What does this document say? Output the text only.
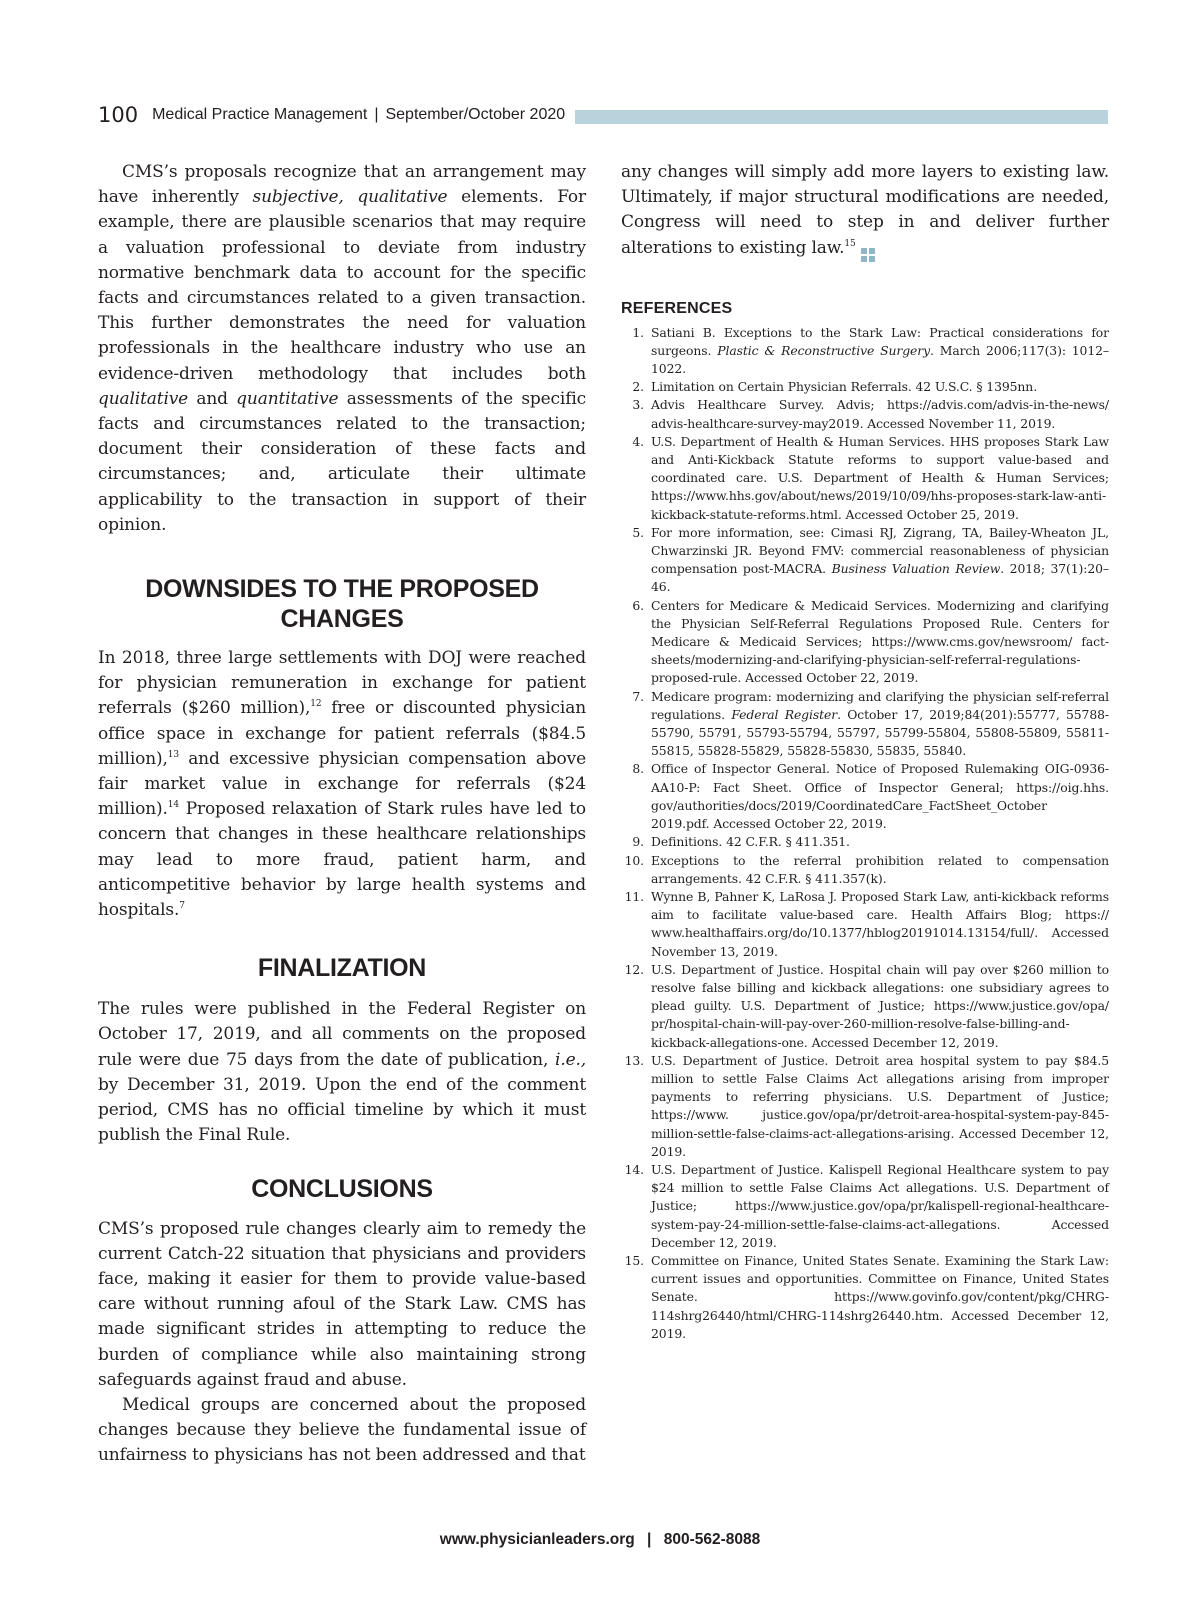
100 Medical Practice Management | September/October 2020

CMS’s proposals recognize that an arrangement may have inherently subjective, qualitative elements. For example, there are plausible scenarios that may require a valuation professional to deviate from industry normative benchmark data to account for the specific facts and circumstances related to a given transaction. This further demonstrates the need for valuation professionals in the healthcare industry who use an evidence-driven methodology that includes both qualitative and quantitative assessments of the specific facts and circumstances related to the transaction; document their consideration of these facts and circumstances; and, articulate their ultimate applicability to the transaction in support of their opinion.

DOWNSIDES TO THE PROPOSED CHANGES

In 2018, three large settlements with DOJ were reached for physician remuneration in exchange for patient referrals ($260 million),$^{12}$ free or discounted physician office space in exchange for patient referrals ($84.5 million),$^{13}$ and excessive physician compensation above fair market value in exchange for referrals ($24 million).$^{14}$ Proposed relaxation of Stark rules have led to concern that changes in these healthcare relationships may lead to more fraud, patient harm, and anticompetitive behavior by large health systems and hospitals.$^7$

FINALIZATION

The rules were published in the Federal Register on October 17, 2019, and all comments on the proposed rule were due 75 days from the date of publication, i.e., by December 31, 2019. Upon the end of the comment period, CMS has no official timeline by which it must publish the Final Rule.

CONCLUSIONS

CMS’s proposed rule changes clearly aim to remedy the current Catch-22 situation that physicians and providers face, making it easier for them to provide value-based care without running afoul of the Stark Law. CMS has made significant strides in attempting to reduce the burden of compliance while also maintaining strong safeguards against fraud and abuse.

Medical groups are concerned about the proposed changes because they believe the fundamental issue of unfairness to physicians has not been addressed and that

any changes will simply add more layers to existing law. Ultimately, if major structural modifications are needed, Congress will need to step in and deliver further alterations to existing law.$^{15}$

REFERENCES
1. Satiani B. Exceptions to the Stark Law: Practical considerations for surgeons. Plastic & Reconstructive Surgery. March 2006;117(3): 1012–1022.
2. Limitation on Certain Physician Referrals. 42 U.S.C. § 1395nn.
3. Advis Healthcare Survey. Advis; https://advis.com/advis-in-the-news/ advis-healthcare-survey-may2019. Accessed November 11, 2019.
4. U.S. Department of Health & Human Services. HHS proposes Stark Law and Anti-Kickback Statute reforms to support value-based and coordinated care. U.S. Department of Health & Human Services; https://www.hhs.gov/about/news/2019/10/09/hhs-proposes-stark-law-anti-kickback-statute-reforms.html. Accessed October 25, 2019.
5. For more information, see: Cimasi RJ, Zigrang, TA, Bailey-Wheaton JL, Chwarzinski JR. Beyond FMV: commercial reasonableness of physician compensation post-MACRA. Business Valuation Review. 2018; 37(1):20–46.
6. Centers for Medicare & Medicaid Services. Modernizing and clarifying the Physician Self-Referral Regulations Proposed Rule. Centers for Medicare & Medicaid Services; https://www.cms.gov/newsroom/ fact-sheets/modernizing-and-clarifying-physician-self-referral-regulations-proposed-rule. Accessed October 22, 2019.
7. Medicare program: modernizing and clarifying the physician self-referral regulations. Federal Register. October 17, 2019;84(201):55777, 55788- 55790, 55791, 55793-55794, 55797, 55799-55804, 55808-55809, 55811- 55815, 55828-55829, 55828-55830, 55835, 55840.
8. Office of Inspector General. Notice of Proposed Rulemaking OIG-0936- AA10-P: Fact Sheet. Office of Inspector General; https://oig.hhs. gov/authorities/docs/2019/CoordinatedCare_FactSheet_October 2019.pdf. Accessed October 22, 2019.
9. Definitions. 42 C.F.R. § 411.351.
10. Exceptions to the referral prohibition related to compensation arrangements. 42 C.F.R. § 411.357(k).
11. Wynne B, Pahner K, LaRosa J. Proposed Stark Law, anti-kickback reforms aim to facilitate value-based care. Health Affairs Blog; https:// www.healthaffairs.org/do/10.1377/hblog20191014.13154/full/. Accessed November 13, 2019.
12. U.S. Department of Justice. Hospital chain will pay over $260 million to resolve false billing and kickback allegations: one subsidiary agrees to plead guilty. U.S. Department of Justice; https://www.justice.gov/opa/ pr/hospital-chain-will-pay-over-260-million-resolve-false-billing-and-kickback-allegations-one. Accessed December 12, 2019.
13. U.S. Department of Justice. Detroit area hospital system to pay $84.5 million to settle False Claims Act allegations arising from improper payments to referring physicians. U.S. Department of Justice; https://www. justice.gov/opa/pr/detroit-area-hospital-system-pay-845-million-settle-false-claims-act-allegations-arising. Accessed December 12, 2019.
14. U.S. Department of Justice. Kalispell Regional Healthcare system to pay $24 million to settle False Claims Act allegations. U.S. Department of Justice; https://www.justice.gov/opa/pr/kalispell-regional-healthcare-system-pay-24-million-settle-false-claims-act-allegations. Accessed December 12, 2019.
15. Committee on Finance, United States Senate. Examining the Stark Law: current issues and opportunities. Committee on Finance, United States Senate. https://www.govinfo.gov/content/pkg/CHRG-114shrg26440/html/CHRG-114shrg26440.htm. Accessed December 12, 2019.
www.physicianleaders.org | 800-562-8088
